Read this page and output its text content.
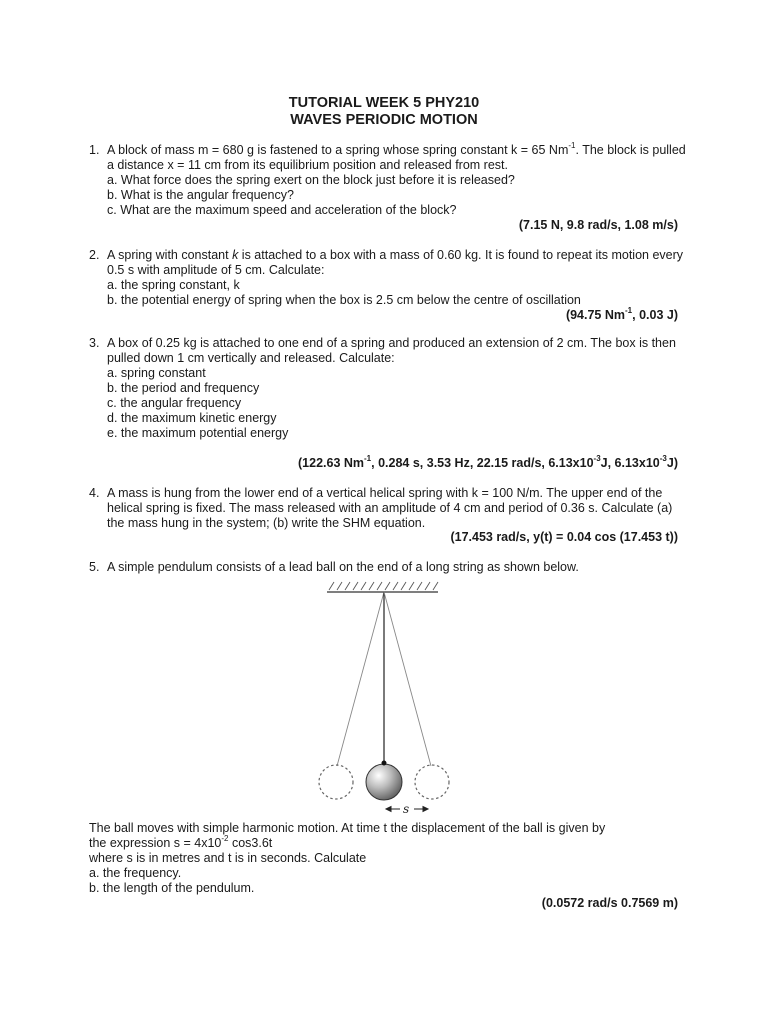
TUTORIAL WEEK 5 PHY210
WAVES PERIODIC MOTION
1. A block of mass m = 680 g is fastened to a spring whose spring constant k = 65 $Nm^{-1}$. The block is pulled
a distance x = 11 cm from its equilibrium position and released from rest.
a. What force does the spring exert on the block just before it is released?
b. What is the angular frequency?
c. What are the maximum speed and acceleration of the block?
(7.15 N, 9.8 rad/s, 1.08 m/s)
2. A spring with constant k is attached to a box with a mass of 0.60 kg. It is found to repeat its motion every
0.5 s with amplitude of 5 cm. Calculate:
a. the spring constant, k
b. the potential energy of spring when the box is 2.5 cm below the centre of oscillation
(94.75 $Nm^{-1}$, 0.03 J)
3. A box of 0.25 kg is attached to one end of a spring and produced an extension of 2 cm. The box is then
pulled down 1 cm vertically and released. Calculate:
a. spring constant
b. the period and frequency
c. the angular frequency
d. the maximum kinetic energy
e. the maximum potential energy
(122.63 $Nm^{-1}$, 0.284 s, 3.53 Hz, 22.15 rad/s, $6.13x10^{-3}J$, $6.13x10^{-3}J$)
4. A mass is hung from the lower end of a vertical helical spring with k = 100 N/m. The upper end of the
helical spring is fixed. The mass released with an amplitude of 4 cm and period of 0.36 s. Calculate (a)
the mass hung in the system; (b) write the SHM equation.
(17.453 rad/s, y(t) = 0.04 cos (17.453 t))
5. A simple pendulum consists of a lead ball on the end of a long string as shown below.
s
The ball moves with simple harmonic motion. At time t the displacement of the ball is given by
the expression $s = 4x10^{-2}$ cos3.6t
where s is in metres and t is in seconds. Calculate
a. the frequency.
b. the length of the pendulum.
(0.0572 rad/s 0.7569 m)
